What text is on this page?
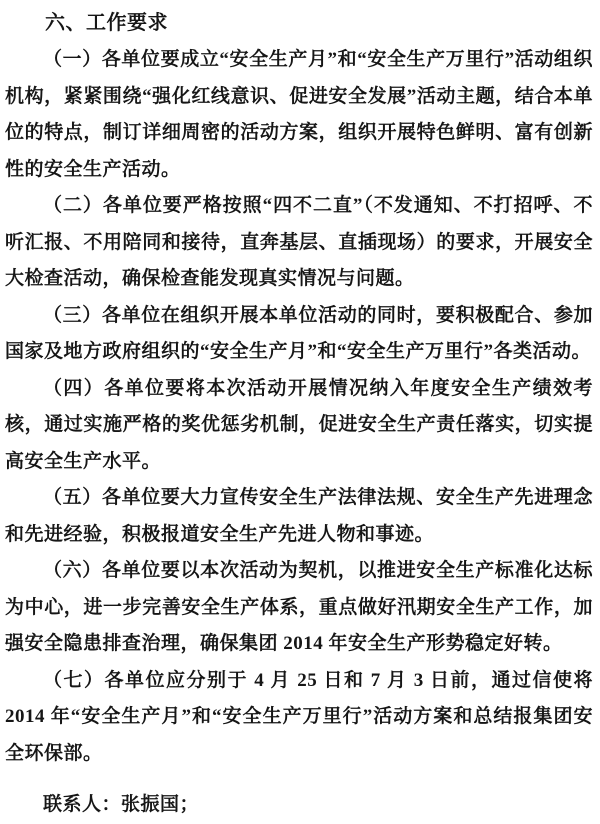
六、工作要求

（一）各单位要成立“安全生产月”和“安全生产万里行”活动组织机构，紧紧围绕“强化红线意识、促进安全发展”活动主题，结合本单位的特点，制订详细周密的活动方案，组织开展特色鲜明、富有创新性的安全生产活动。

（二）各单位要严格按照“四不二直”（不发通知、不打招呼、不听汇报、不用陪同和接待，直奔基层、直插现场）的要求，开展安全大检查活动，确保检查能发现真实情况与问题。

（三）各单位在组织开展本单位活动的同时，要积极配合、参加国家及地方政府组织的“安全生产月”和“安全生产万里行”各类活动。

（四）各单位要将本次活动开展情况纳入年度安全生产绩效考核，通过实施严格的奖优惩劣机制，促进安全生产责任落实，切实提高安全生产水平。

（五）各单位要大力宣传安全生产法律法规、安全生产先进理念和先进经验，积极报道安全生产先进人物和事迹。

（六）各单位要以本次活动为契机，以推进安全生产标准化达标为中心，进一步完善安全生产体系，重点做好汛期安全生产工作，加强安全隐患排查治理，确保集团 2014 年安全生产形势稳定好转。

（七）各单位应分别于 4 月 25 日和 7 月 3 日前，通过信使将 2014 年“安全生产月”和“安全生产万里行”活动方案和总结报集团安全环保部。

联系人：张振国；
